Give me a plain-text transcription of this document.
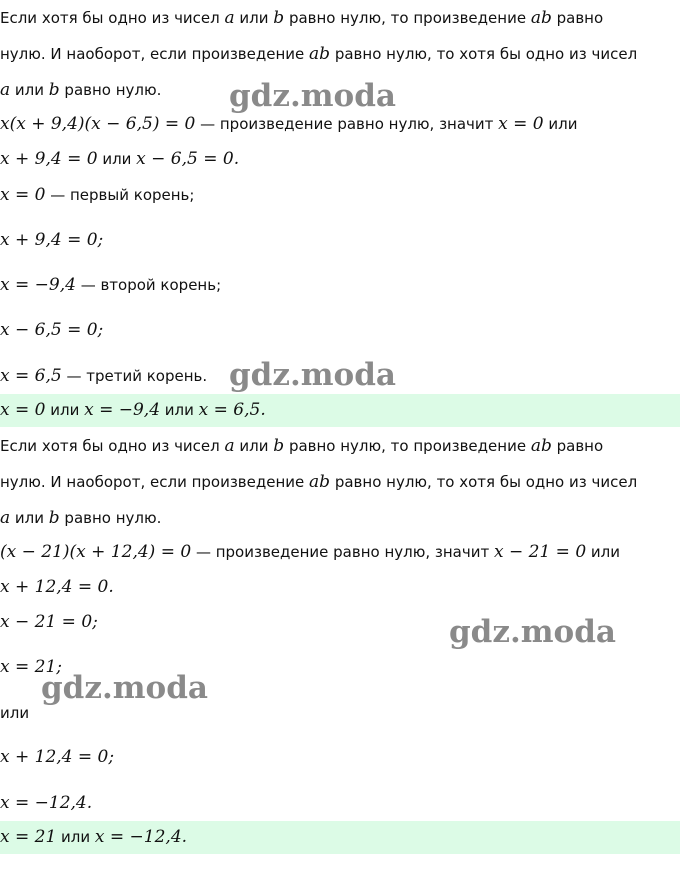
Если хотя бы одно из чисел a или b равно нулю, то произведение ab равно
нулю. И наоборот, если произведение ab равно нулю, то хотя бы одно из чисел
a или b равно нулю.
x(x + 9,4)(x − 6,5) = 0 — произведение равно нулю, значит x = 0 или
x + 9,4 = 0 или x − 6,5 = 0.
x = 0 — первый корень;
x + 9,4 = 0;
x = −9,4 — второй корень;
x − 6,5 = 0;
x = 6,5 — третий корень.
x = 0 или x = −9,4 или x = 6,5.
Если хотя бы одно из чисел a или b равно нулю, то произведение ab равно
нулю. И наоборот, если произведение ab равно нулю, то хотя бы одно из чисел
a или b равно нулю.
(x − 21)(x + 12,4) = 0 — произведение равно нулю, значит x − 21 = 0 или
x + 12,4 = 0.
x − 21 = 0;
x = 21;
или
x + 12,4 = 0;
x = −12,4.
x = 21 или x = −12,4.
gdz.moda
gdz.moda
gdz.moda
gdz.moda
